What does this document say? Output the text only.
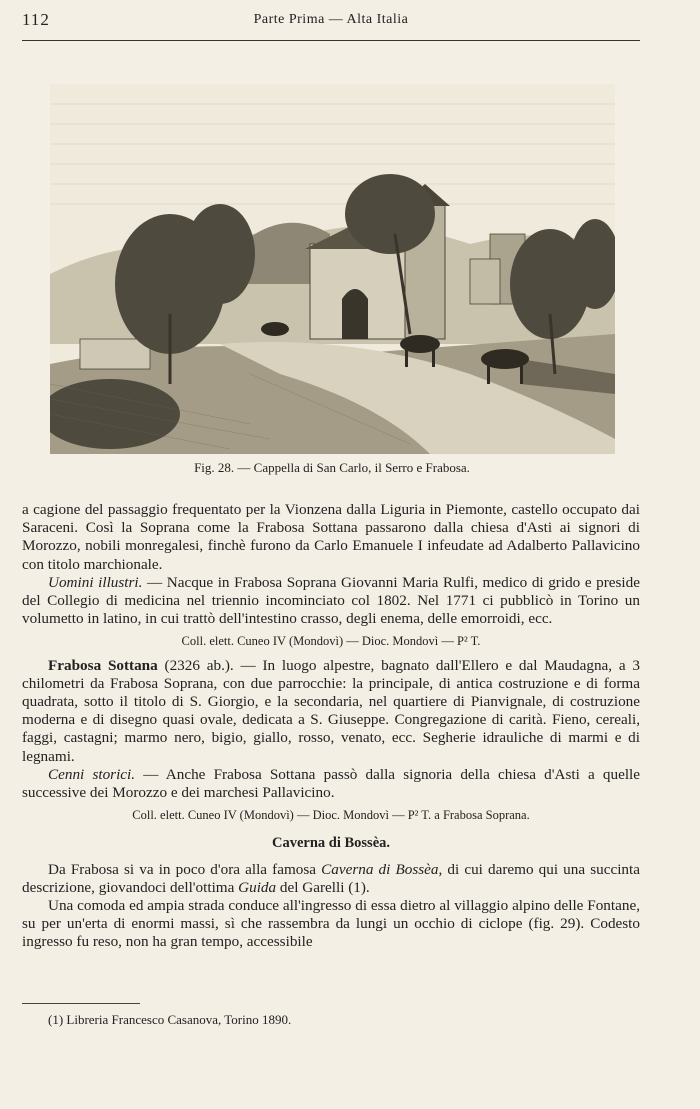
112	Parte Prima — Alta Italia
Fig. 28. — Cappella di San Carlo, il Serro e Frabosa.

a cagione del passaggio frequentato per la Vionzena dalla Liguria in Piemonte, castello occupato dai Saraceni. Così la Soprana come la Frabosa Sottana passarono dalla chiesa d'Asti ai signori di Morozzo, nobili monregalesi, finchè furono da Carlo Emanuele I infeudate ad Adalberto Pallavicino con titolo marchionale.

Uomini illustri. — Nacque in Frabosa Soprana Giovanni Maria Rulfi, medico di grido e preside del Collegio di medicina nel triennio incominciato col 1802. Nel 1771 ci pubblicò in Torino un volumetto in latino, in cui trattò dell'intestino crasso, degli enema, delle emorroidi, ecc.

Coll. elett. Cuneo IV (Mondovì) — Dioc. Mondovì — P² T.

Frabosa Sottana (2326 ab.). — In luogo alpestre, bagnato dall'Ellero e dal Maudagna, a 3 chilometri da Frabosa Soprana, con due parrocchie: la principale, di antica costruzione e di forma quadrata, sotto il titolo di S. Giorgio, e la secondaria, nel quartiere di Pianvignale, di costruzione moderna e di disegno quasi ovale, dedicata a S. Giuseppe. Congregazione di carità. Fieno, cereali, faggi, castagni; marmo nero, bigio, giallo, rosso, venato, ecc. Segherie idrauliche di marmi e di legnami.

Cenni storici. — Anche Frabosa Sottana passò dalla signoria della chiesa d'Asti a quelle successive dei Morozzo e dei marchesi Pallavicino.

Coll. elett. Cuneo IV (Mondovì) — Dioc. Mondovì — P² T. a Frabosa Soprana.

Caverna di Bossèa.

Da Frabosa si va in poco d'ora alla famosa Caverna di Bossèa, di cui daremo qui una succinta descrizione, giovandoci dell'ottima Guida del Garelli (1).

Una comoda ed ampia strada conduce all'ingresso di essa dietro al villaggio alpino delle Fontane, su per un'erta di enormi massi, sì che rassembra da lungi un occhio di ciclope (fig. 29). Codesto ingresso fu reso, non ha gran tempo, accessibile

(1) Libreria Francesco Casanova, Torino 1890.
